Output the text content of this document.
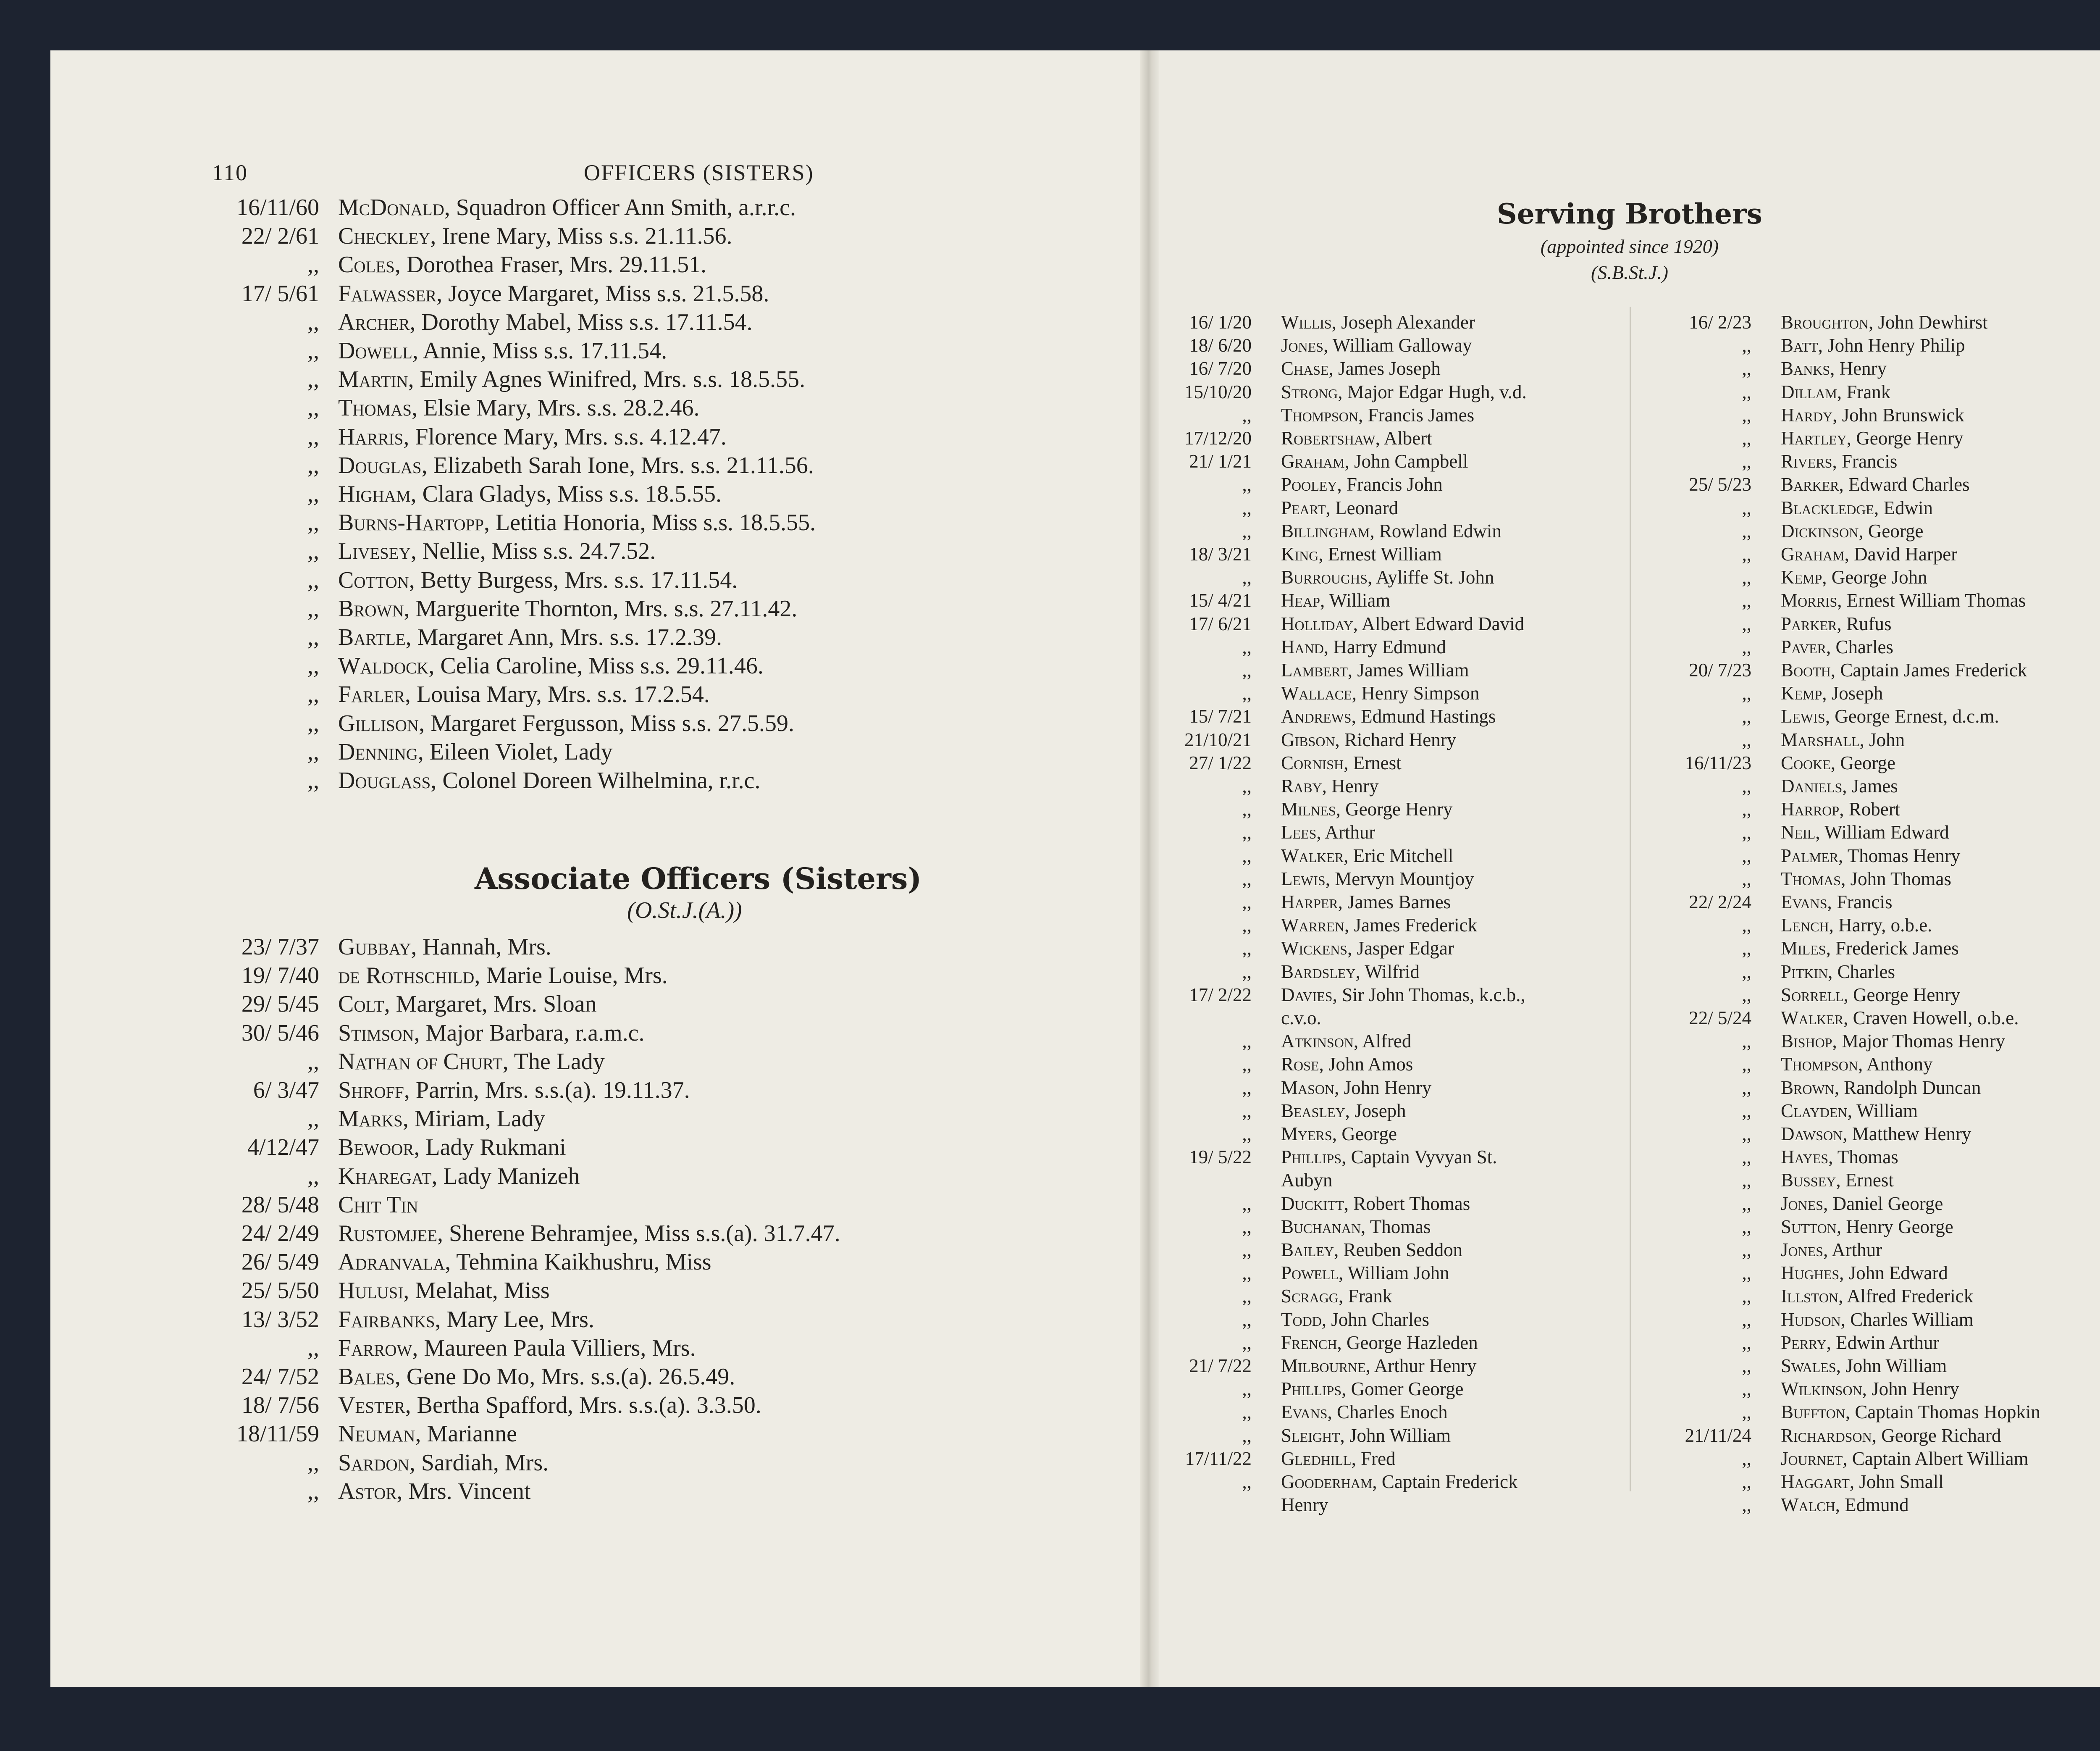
110	OFFICERS (SISTERS)
16/11/60 McDonald, Squadron Officer Ann Smith, a.r.r.c.
22/ 2/61 Checkley, Irene Mary, Miss s.s. 21.11.56.
,, Coles, Dorothea Fraser, Mrs. 29.11.51.
17/ 5/61 Falwasser, Joyce Margaret, Miss s.s. 21.5.58.
,, Archer, Dorothy Mabel, Miss s.s. 17.11.54.
,, Dowell, Annie, Miss s.s. 17.11.54.
,, Martin, Emily Agnes Winifred, Mrs. s.s. 18.5.55.
,, Thomas, Elsie Mary, Mrs. s.s. 28.2.46.
,, Harris, Florence Mary, Mrs. s.s. 4.12.47.
,, Douglas, Elizabeth Sarah Ione, Mrs. s.s. 21.11.56.
,, Higham, Clara Gladys, Miss s.s. 18.5.55.
,, Burns-Hartopp, Letitia Honoria, Miss s.s. 18.5.55.
,, Livesey, Nellie, Miss s.s. 24.7.52.
,, Cotton, Betty Burgess, Mrs. s.s. 17.11.54.
,, Brown, Marguerite Thornton, Mrs. s.s. 27.11.42.
,, Bartle, Margaret Ann, Mrs. s.s. 17.2.39.
,, Waldock, Celia Caroline, Miss s.s. 29.11.46.
,, Farler, Louisa Mary, Mrs. s.s. 17.2.54.
,, Gillison, Margaret Fergusson, Miss s.s. 27.5.59.
,, Denning, Eileen Violet, Lady
,, Douglass, Colonel Doreen Wilhelmina, r.r.c.
Associate Officers (Sisters)
(O.St.J.(A.))
23/ 7/37 Gubbay, Hannah, Mrs.
19/ 7/40 de Rothschild, Marie Louise, Mrs.
29/ 5/45 Colt, Margaret, Mrs. Sloan
30/ 5/46 Stimson, Major Barbara, r.a.m.c.
,, Nathan of Churt, The Lady
6/ 3/47 Shroff, Parrin, Mrs. s.s.(a). 19.11.37.
,, Marks, Miriam, Lady
4/12/47 Bewoor, Lady Rukmani
,, Kharegat, Lady Manizeh
28/ 5/48 Chit Tin
24/ 2/49 Rustomjee, Sherene Behramjee, Miss s.s.(a). 31.7.47.
26/ 5/49 Adranvala, Tehmina Kaikhushru, Miss
25/ 5/50 Hulusi, Melahat, Miss
13/ 3/52 Fairbanks, Mary Lee, Mrs.
,, Farrow, Maureen Paula Villiers, Mrs.
24/ 7/52 Bales, Gene Do Mo, Mrs. s.s.(a). 26.5.49.
18/ 7/56 Vester, Bertha Spafford, Mrs. s.s.(a). 3.3.50.
18/11/59 Neuman, Marianne
,, Sardon, Sardiah, Mrs.
,, Astor, Mrs. Vincent
Serving Brothers
(appointed since 1920)
(S.B.St.J.)
16/ 1/20 Willis, Joseph Alexander
18/ 6/20 Jones, William Galloway
16/ 7/20 Chase, James Joseph
15/10/20 Strong, Major Edgar Hugh, v.d.
,, Thompson, Francis James
17/12/20 Robertshaw, Albert
21/ 1/21 Graham, John Campbell
,, Pooley, Francis John
,, Peart, Leonard
,, Billingham, Rowland Edwin
18/ 3/21 King, Ernest William
,, Burroughs, Ayliffe St. John
15/ 4/21 Heap, William
17/ 6/21 Holliday, Albert Edward David
,, Hand, Harry Edmund
,, Lambert, James William
,, Wallace, Henry Simpson
15/ 7/21 Andrews, Edmund Hastings
21/10/21 Gibson, Richard Henry
27/ 1/22 Cornish, Ernest
,, Raby, Henry
,, Milnes, George Henry
,, Lees, Arthur
,, Walker, Eric Mitchell
,, Lewis, Mervyn Mountjoy
,, Harper, James Barnes
,, Warren, James Frederick
,, Wickens, Jasper Edgar
,, Bardsley, Wilfrid
17/ 2/22 Davies, Sir John Thomas, k.c.b.,
c.v.o.
,, Atkinson, Alfred
,, Rose, John Amos
,, Mason, John Henry
,, Beasley, Joseph
,, Myers, George
19/ 5/22 Phillips, Captain Vyvyan St.
Aubyn
,, Duckitt, Robert Thomas
,, Buchanan, Thomas
,, Bailey, Reuben Seddon
,, Powell, William John
,, Scragg, Frank
,, Todd, John Charles
,, French, George Hazleden
21/ 7/22 Milbourne, Arthur Henry
,, Phillips, Gomer George
,, Evans, Charles Enoch
,, Sleight, John William
17/11/22 Gledhill, Fred
,, Gooderham, Captain Frederick
Henry
16/ 2/23 Broughton, John Dewhirst
,, Batt, John Henry Philip
,, Banks, Henry
,, Dillam, Frank
,, Hardy, John Brunswick
,, Hartley, George Henry
,, Rivers, Francis
25/ 5/23 Barker, Edward Charles
,, Blackledge, Edwin
,, Dickinson, George
,, Graham, David Harper
,, Kemp, George John
,, Morris, Ernest William Thomas
,, Parker, Rufus
,, Paver, Charles
20/ 7/23 Booth, Captain James Frederick
,, Kemp, Joseph
,, Lewis, George Ernest, d.c.m.
,, Marshall, John
16/11/23 Cooke, George
,, Daniels, James
,, Harrop, Robert
,, Neil, William Edward
,, Palmer, Thomas Henry
,, Thomas, John Thomas
22/ 2/24 Evans, Francis
,, Lench, Harry, o.b.e.
,, Miles, Frederick James
,, Pitkin, Charles
,, Sorrell, George Henry
22/ 5/24 Walker, Craven Howell, o.b.e.
,, Bishop, Major Thomas Henry
,, Thompson, Anthony
,, Brown, Randolph Duncan
,, Clayden, William
,, Dawson, Matthew Henry
,, Hayes, Thomas
,, Bussey, Ernest
,, Jones, Daniel George
,, Sutton, Henry George
,, Jones, Arthur
,, Hughes, John Edward
,, Illston, Alfred Frederick
,, Hudson, Charles William
,, Perry, Edwin Arthur
,, Swales, John William
,, Wilkinson, John Henry
,, Buffton, Captain Thomas Hopkin
21/11/24 Richardson, George Richard
,, Journet, Captain Albert William
,, Haggart, John Small
,, Walch, Edmund
